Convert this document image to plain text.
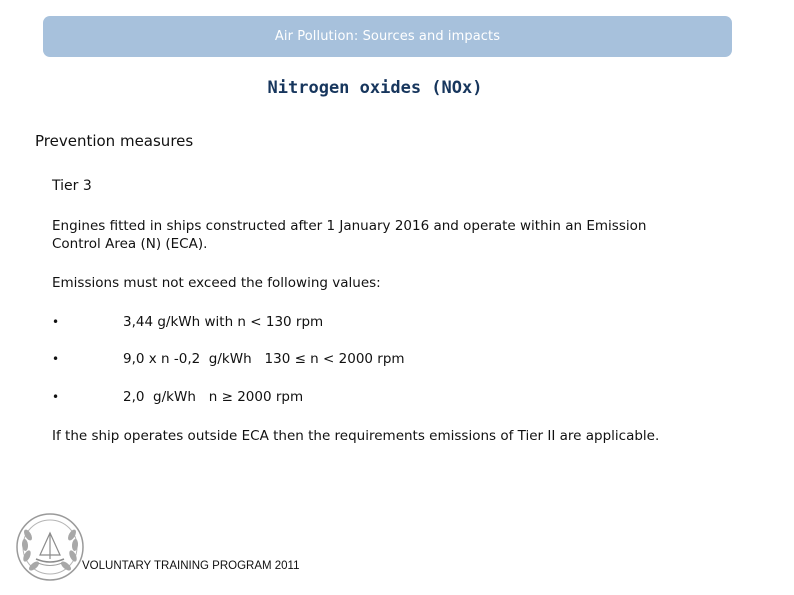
Air Pollution: Sources and impacts
Nitrogen oxides (NOx)
Prevention measures
Tier 3
Engines fitted in ships constructed after 1 January 2016 and operate within an Emission Control Area (N) (ECA).
Emissions must not exceed the following values:
•	3,44 g/kWh with n < 130 rpm
•	9,0 x n -0,2  g/kWh   130 ≤ n < 2000 rpm
•	2,0  g/kWh   n ≥ 2000 rpm
If the ship operates outside ECA then the requirements emissions of Tier II are applicable.
VOLUNTARY TRAINING PROGRAM 2011
